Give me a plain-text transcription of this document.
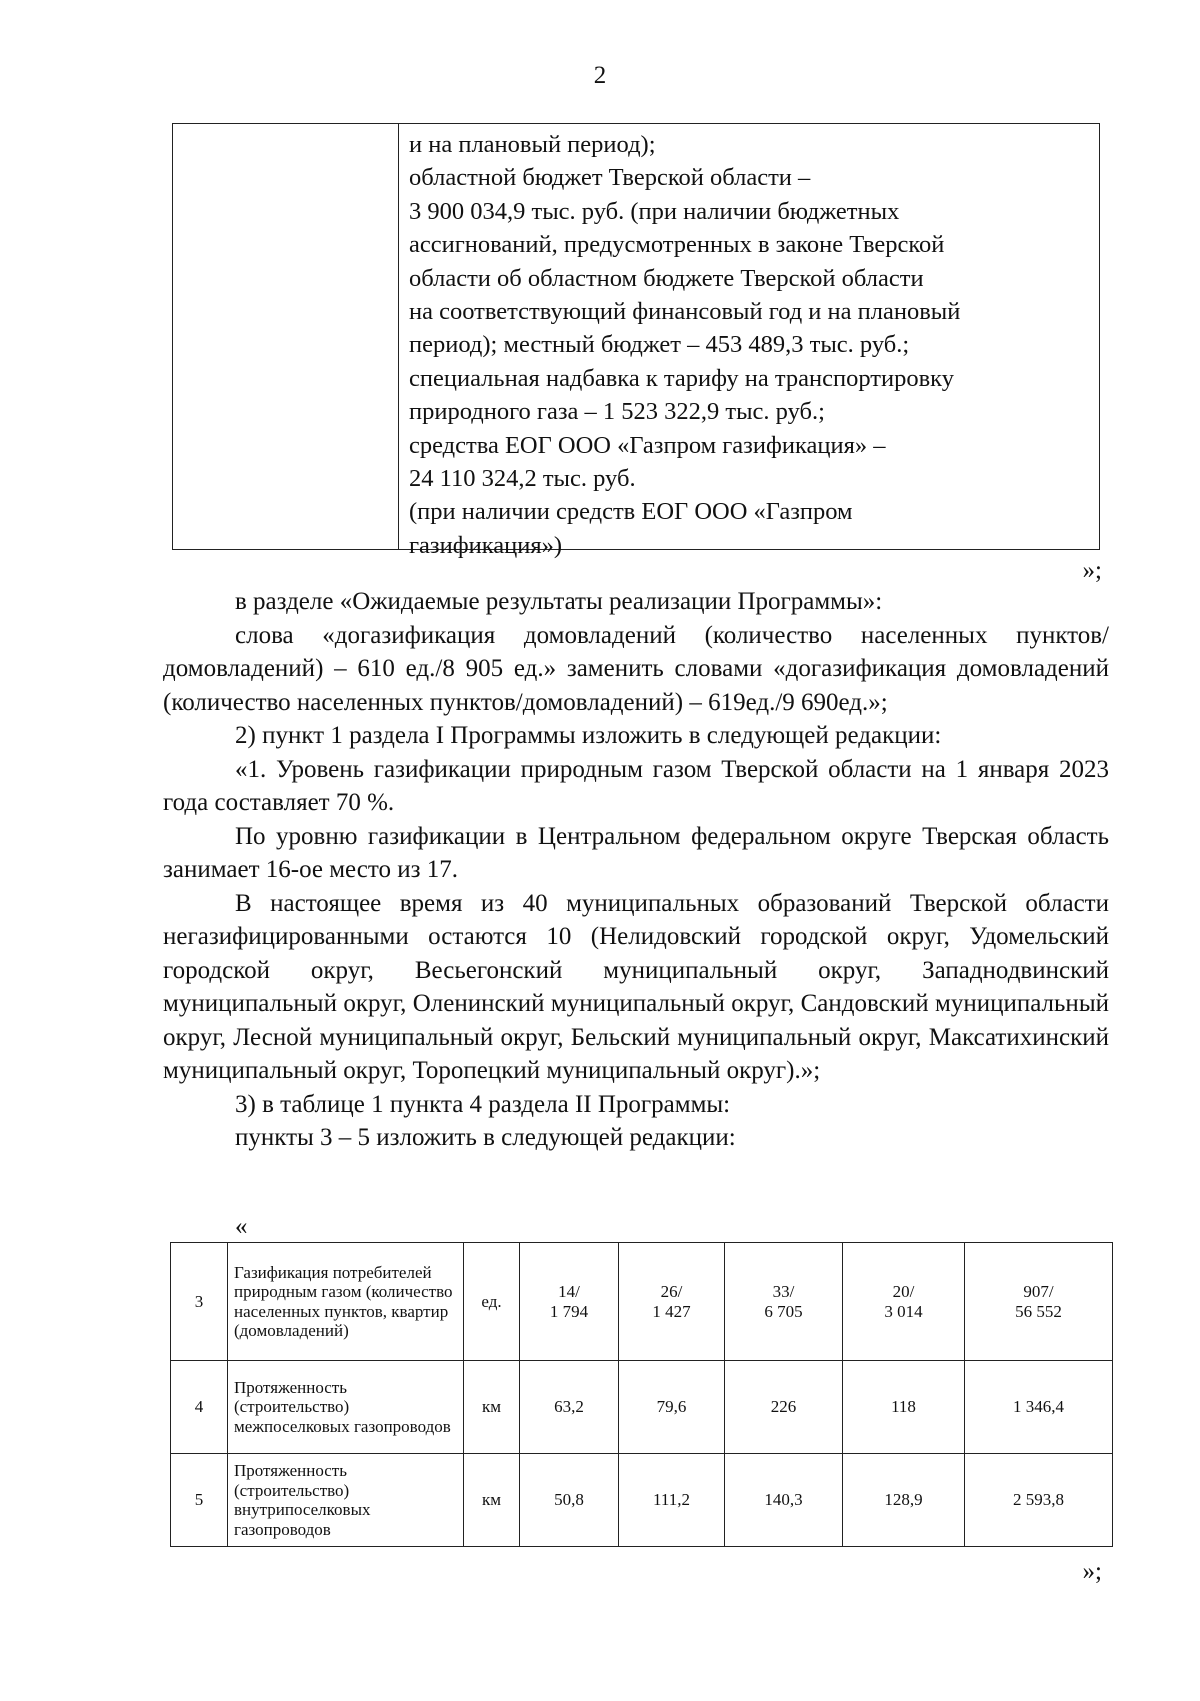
2
и на плановый период);
областной бюджет Тверской области –
3 900 034,9 тыс. руб. (при наличии бюджетных
ассигнований, предусмотренных в законе Тверской
области об областном бюджете Тверской области
на соответствующий финансовый год и на плановый
период); местный бюджет – 453 489,3 тыс. руб.;
специальная надбавка к тарифу на транспортировку
природного газа – 1 523 322,9 тыс. руб.;
средства ЕОГ ООО «Газпром газификация» –
24 110 324,2 тыс. руб.
(при наличии средств ЕОГ ООО «Газпром
газификация»)
»;

в разделе «Ожидаемые результаты реализации Программы»:

слова «догазификация домовладений (количество населенных пунктов/домовладений) – 610 ед./8 905 ед.» заменить словами «догазификация домовладений (количество населенных пунктов/домовладений) – 619ед./9 690ед.»;

2) пункт 1 раздела I Программы изложить в следующей редакции:

«1. Уровень газификации природным газом Тверской области на 1 января 2023 года составляет 70 %.

По уровню газификации в Центральном федеральном округе Тверская область занимает 16-ое место из 17.

В настоящее время из 40 муниципальных образований Тверской области негазифицированными остаются 10 (Нелидовский городской округ, Удомельский городской округ, Весьегонский муниципальный округ, Западнодвинский муниципальный округ, Оленинский муниципальный округ, Сандовский муниципальный округ, Лесной муниципальный округ, Бельский муниципальный округ, Максатихинский муниципальный округ, Торопецкий муниципальный округ).»;

3) в таблице 1 пункта 4 раздела II Программы:

пункты 3 – 5 изложить в следующей редакции:

«
3	Газификация потребителей природным газом (количество населенных пунктов, квартир (домовладений)	ед.	14/
1 794	26/
1 427	33/
6 705	20/
3 014	907/
56 552

4	Протяженность (строительство) межпоселковых газопроводов	км	63,2	79,6	226	118	1 346,4
5	Протяженность (строительство) внутрипоселковых газопроводов	км	50,8	111,2	140,3	128,9	2 593,8
»;
